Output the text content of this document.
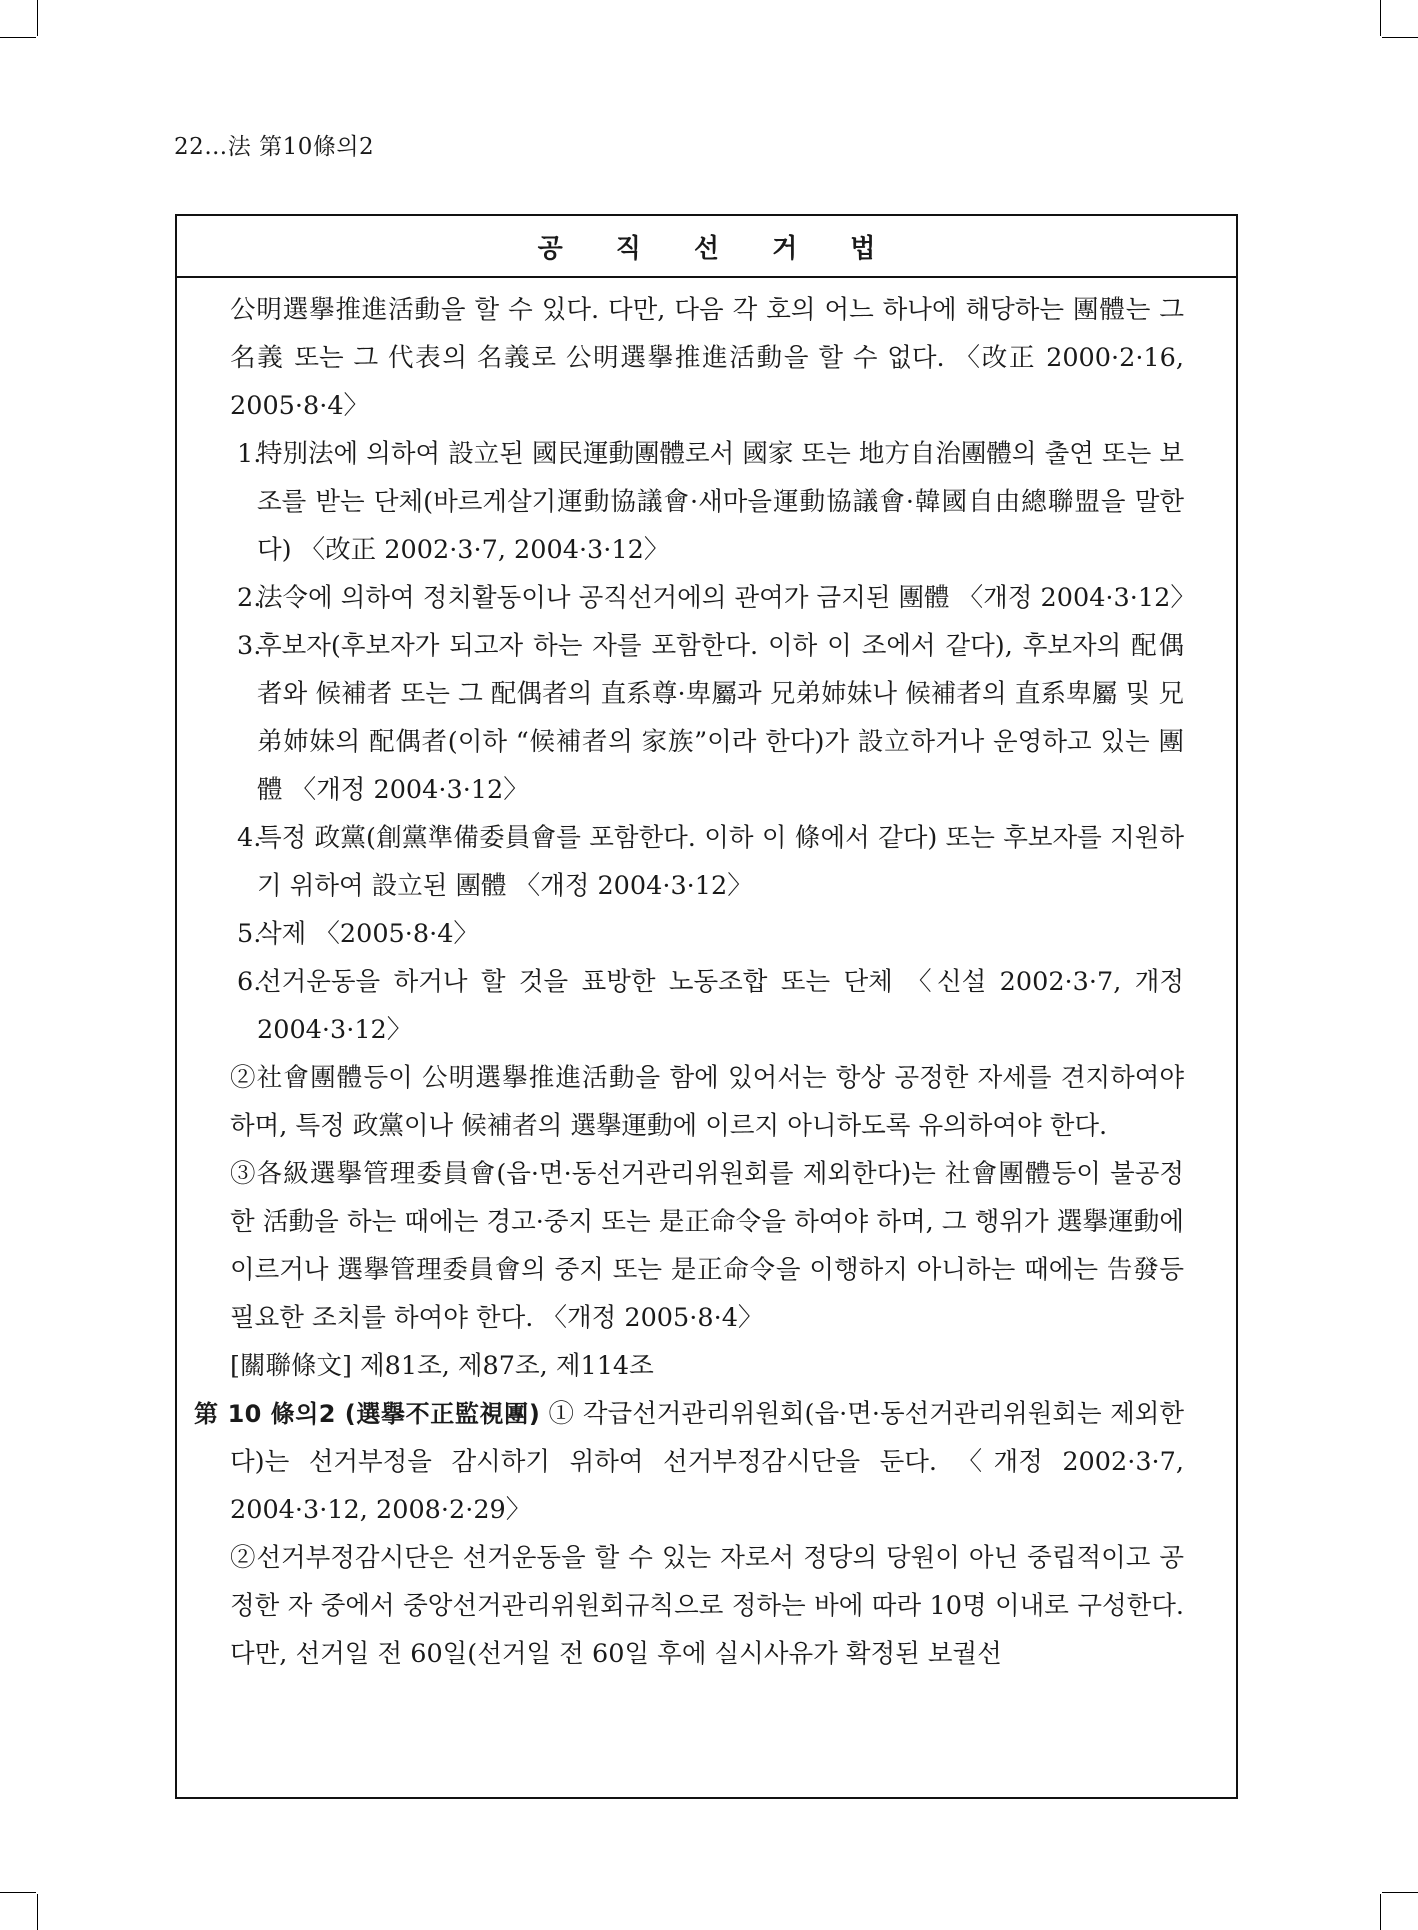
22…法 第10條의2
공 직 선 거 법
公明選擧推進活動을 할 수 있다. 다만, 다음 각 호의 어느 하나에 해당하는 團體는 그 名義 또는 그 代表의 名義로 公明選擧推進活動을 할 수 없다. 〈改正 2000·2·16, 2005·8·4〉
1.
特別法에 의하여 設立된 國民運動團體로서 國家 또는 地方自治團體의 출연 또는 보조를 받는 단체(바르게살기運動協議會·새마을運動協議會·韓國自由總聯盟을 말한다) 〈改正 2002·3·7, 2004·3·12〉
2.
法令에 의하여 정치활동이나 공직선거에의 관여가 금지된 團體 〈개정 2004·3·12〉
3.
후보자(후보자가 되고자 하는 자를 포함한다. 이하 이 조에서 같다), 후보자의 配偶者와 候補者 또는 그 配偶者의 直系尊·卑屬과 兄弟姉妹나 候補者의 直系卑屬 및 兄弟姉妹의 配偶者(이하 “候補者의 家族”이라 한다)가 設立하거나 운영하고 있는 團體 〈개정 2004·3·12〉
4.
특정 政黨(創黨準備委員會를 포함한다. 이하 이 條에서 같다) 또는 후보자를 지원하기 위하여 設立된 團體 〈개정 2004·3·12〉
5.
삭제 〈2005·8·4〉
6.
선거운동을 하거나 할 것을 표방한 노동조합 또는 단체 〈신설 2002·3·7, 개정 2004·3·12〉
②社會團體등이 公明選擧推進活動을 함에 있어서는 항상 공정한 자세를 견지하여야 하며, 특정 政黨이나 候補者의 選擧運動에 이르지 아니하도록 유의하여야 한다.
③各級選擧管理委員會(읍·면·동선거관리위원회를 제외한다)는 社會團體등이 불공정한 活動을 하는 때에는 경고·중지 또는 是正命令을 하여야 하며, 그 행위가 選擧運動에 이르거나 選擧管理委員會의 중지 또는 是正命令을 이행하지 아니하는 때에는 告發등 필요한 조치를 하여야 한다. 〈개정 2005·8·4〉
[關聯條文] 제81조, 제87조, 제114조
第 10 條의2 (選擧不正監視團) ① 각급선거관리위원회(읍·면·동선거관리위원회는 제외한다)는 선거부정을 감시하기 위하여 선거부정감시단을 둔다. 〈개정 2002·3·7, 2004·3·12, 2008·2·29〉
②선거부정감시단은 선거운동을 할 수 있는 자로서 정당의 당원이 아닌 중립적이고 공정한 자 중에서 중앙선거관리위원회규칙으로 정하는 바에 따라 10명 이내로 구성한다. 다만, 선거일 전 60일(선거일 전 60일 후에 실시사유가 확정된 보궐선
